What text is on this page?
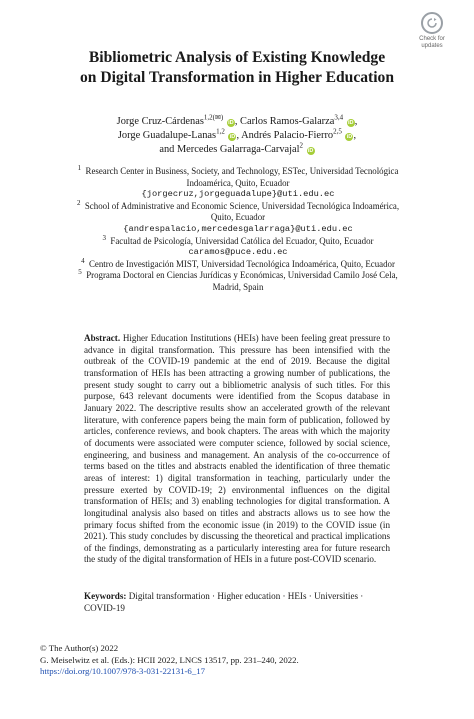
Check for
updates
Bibliometric Analysis of Existing Knowledge
on Digital Transformation in Higher Education
Jorge Cruz-Cárdenas$^{1,2(✉)}$ iD, Carlos Ramos-Galarza$^{3,4}$ iD,
Jorge Guadalupe-Lanas$^{1,2}$ iD, Andrés Palacio-Fierro$^{2,5}$ iD,
and Mercedes Galarraga-Carvajal$^2$ iD
$^1$ Research Center in Business, Society, and Technology, ESTec, Universidad Tecnológica
Indoamérica, Quito, Ecuador
{jorgecruz,jorgeguadalupe}@uti.edu.ec
$^2$ School of Administrative and Economic Science, Universidad Tecnológica Indoamérica,
Quito, Ecuador
{andrespalacio,mercedesgalarraga}@uti.edu.ec
$^3$ Facultad de Psicología, Universidad Católica del Ecuador, Quito, Ecuador
caramos@puce.edu.ec
$^4$ Centro de Investigación MIST, Universidad Tecnológica Indoamérica, Quito, Ecuador
$^5$ Programa Doctoral en Ciencias Jurídicas y Económicas, Universidad Camilo José Cela,
Madrid, Spain
Abstract. Higher Education Institutions (HEIs) have been feeling great pressure to advance in digital transformation. This pressure has been intensified with the outbreak of the COVID-19 pandemic at the end of 2019. Because the digital transformation of HEIs has been attracting a growing number of publications, the present study sought to carry out a bibliometric analysis of such titles. For this purpose, 643 relevant documents were identified from the Scopus database in January 2022. The descriptive results show an accelerated growth of the relevant literature, with conference papers being the main form of publication, followed by articles, conference reviews, and book chapters. The areas with which the majority of documents were associated were computer science, followed by social science, engineering, and business and management. An analysis of the co-occurrence of terms based on the titles and abstracts enabled the identification of three thematic areas of interest: 1) digital transformation in teaching, particularly under the pressure exerted by COVID-19; 2) environmental influences on the digital transformation of HEIs; and 3) enabling technologies for digital transformation. A longitudinal analysis also based on titles and abstracts allows us to see how the primary focus shifted from the economic issue (in 2019) to the COVID issue (in 2021). This study concludes by discussing the theoretical and practical implications of the findings, demonstrating as a particularly interesting area for future research the study of the digital transformation of HEIs in a future post-COVID scenario.
Keywords: Digital transformation · Higher education · HEIs · Universities · COVID-19
© The Author(s) 2022
G. Meiselwitz et al. (Eds.): HCII 2022, LNCS 13517, pp. 231–240, 2022.
https://doi.org/10.1007/978-3-031-22131-6_17
